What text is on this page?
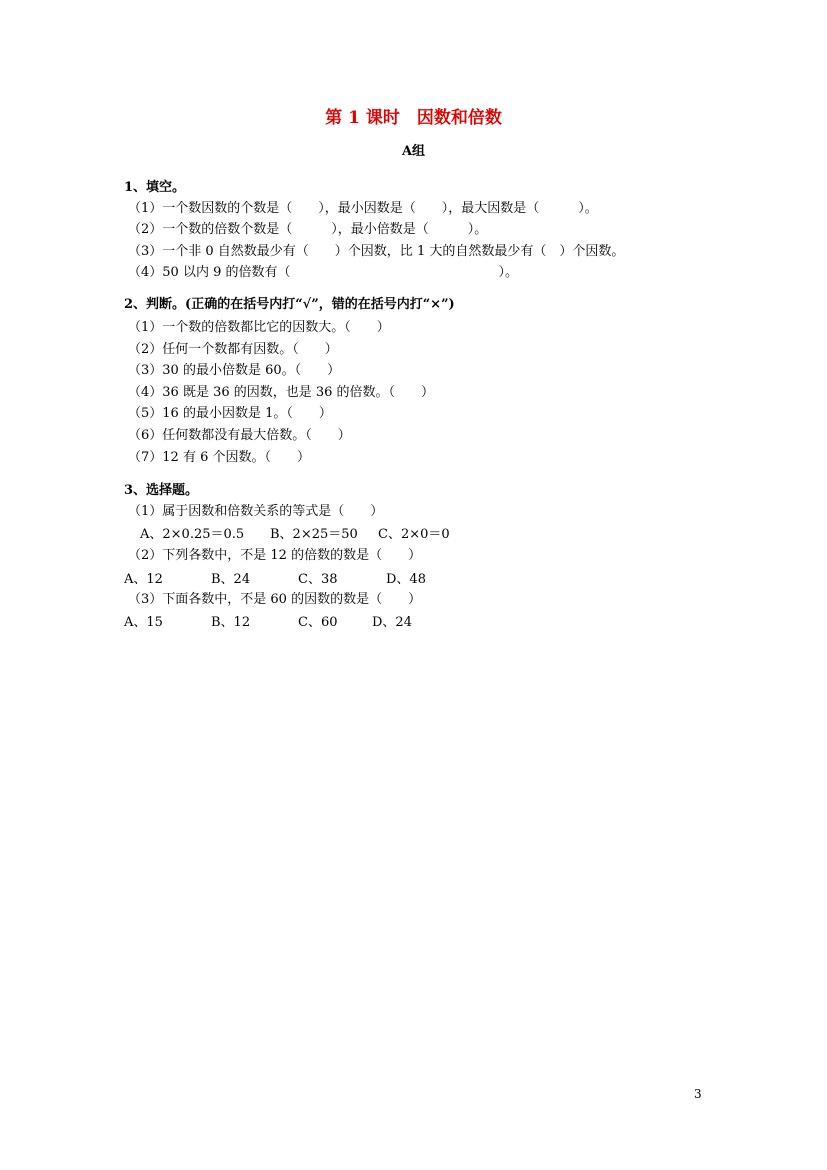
第 1 课时　因数和倍数
A组
1、填空。
（1）一个数因数的个数是（　　），最小因数是（　　），最大因数是（　　　）。
（2）一个数的倍数个数是（　　　），最小倍数是（　　　）。
（3）一个非 0 自然数最少有（　　）个因数，比 1 大的自然数最少有（　）个因数。
（4）50 以内 9 的倍数有（　　　　　　　　　　　　　　　　）。
2、判断。(正确的在括号内打“√”，错的在括号内打“×”)
（1）一个数的倍数都比它的因数大。（　　）
（2）任何一个数都有因数。（　　）
（3）30 的最小倍数是 60。（　　）
（4）36 既是 36 的因数，也是 36 的倍数。（　　）
（5）16 的最小因数是 1。（　　）
（6）任何数都没有最大倍数。（　　）
（7）12 有 6 个因数。（　　）
3、选择题。
（1）属于因数和倍数关系的等式是（　　）

A、2×0.25＝0.5

B、2×25＝50

C、2×0＝0

（2）下列各数中，不是 12 的倍数的数是（　　）

A、12

	B、24

	C、38

	D、48

（3）下面各数中，不是 60 的因数的数是（　　）

A、15

	B、12

	C、60

	D、24

3
